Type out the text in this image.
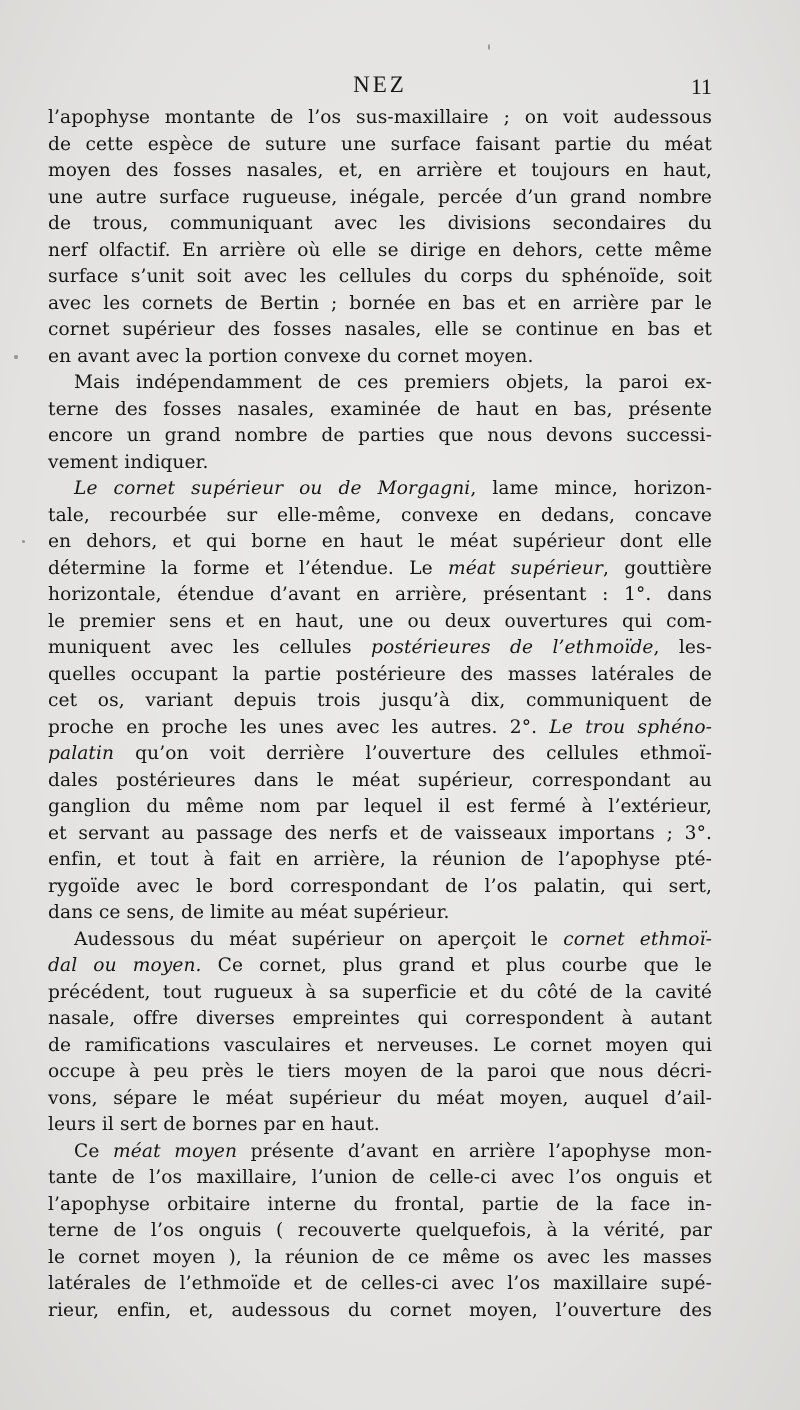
NEZ	11
l’apophyse montante de l’os sus-maxillaire ; on voit audessous
de cette espèce de suture une surface faisant partie du méat
moyen des fosses nasales, et, en arrière et toujours en haut,
une autre surface rugueuse, inégale, percée d’un grand nombre
de trous, communiquant avec les divisions secondaires du
nerf olfactif. En arrière où elle se dirige en dehors, cette même
surface s’unit soit avec les cellules du corps du sphénoïde, soit
avec les cornets de Bertin ; bornée en bas et en arrière par le
cornet supérieur des fosses nasales, elle se continue en bas et
en avant avec la portion convexe du cornet moyen.
Mais indépendamment de ces premiers objets, la paroi ex-
terne des fosses nasales, examinée de haut en bas, présente
encore un grand nombre de parties que nous devons successi-
vement indiquer.
Le cornet supérieur ou de Morgagni, lame mince, horizon-
tale, recourbée sur elle-même, convexe en dedans, concave
en dehors, et qui borne en haut le méat supérieur dont elle
détermine la forme et l’étendue. Le méat supérieur, gouttière
horizontale, étendue d’avant en arrière, présentant : 1°. dans
le premier sens et en haut, une ou deux ouvertures qui com-
muniquent avec les cellules postérieures de l’ethmoïde, les-
quelles occupant la partie postérieure des masses latérales de
cet os, variant depuis trois jusqu’à dix, communiquent de
proche en proche les unes avec les autres. 2°. Le trou sphéno-
palatin qu’on voit derrière l’ouverture des cellules ethmoï-
dales postérieures dans le méat supérieur, correspondant au
ganglion du même nom par lequel il est fermé à l’extérieur,
et servant au passage des nerfs et de vaisseaux importans ; 3°.
enfin, et tout à fait en arrière, la réunion de l’apophyse pté-
rygoïde avec le bord correspondant de l’os palatin, qui sert,
dans ce sens, de limite au méat supérieur.
Audessous du méat supérieur on aperçoit le cornet ethmoï-
dal ou moyen. Ce cornet, plus grand et plus courbe que le
précédent, tout rugueux à sa superficie et du côté de la cavité
nasale, offre diverses empreintes qui correspondent à autant
de ramifications vasculaires et nerveuses. Le cornet moyen qui
occupe à peu près le tiers moyen de la paroi que nous décri-
vons, sépare le méat supérieur du méat moyen, auquel d’ail-
leurs il sert de bornes par en haut.
Ce méat moyen présente d’avant en arrière l’apophyse mon-
tante de l’os maxillaire, l’union de celle-ci avec l’os onguis et
l’apophyse orbitaire interne du frontal, partie de la face in-
terne de l’os onguis ( recouverte quelquefois, à la vérité, par
le cornet moyen ), la réunion de ce même os avec les masses
latérales de l’ethmoïde et de celles-ci avec l’os maxillaire supé-
rieur, enfin, et, audessous du cornet moyen, l’ouverture des
